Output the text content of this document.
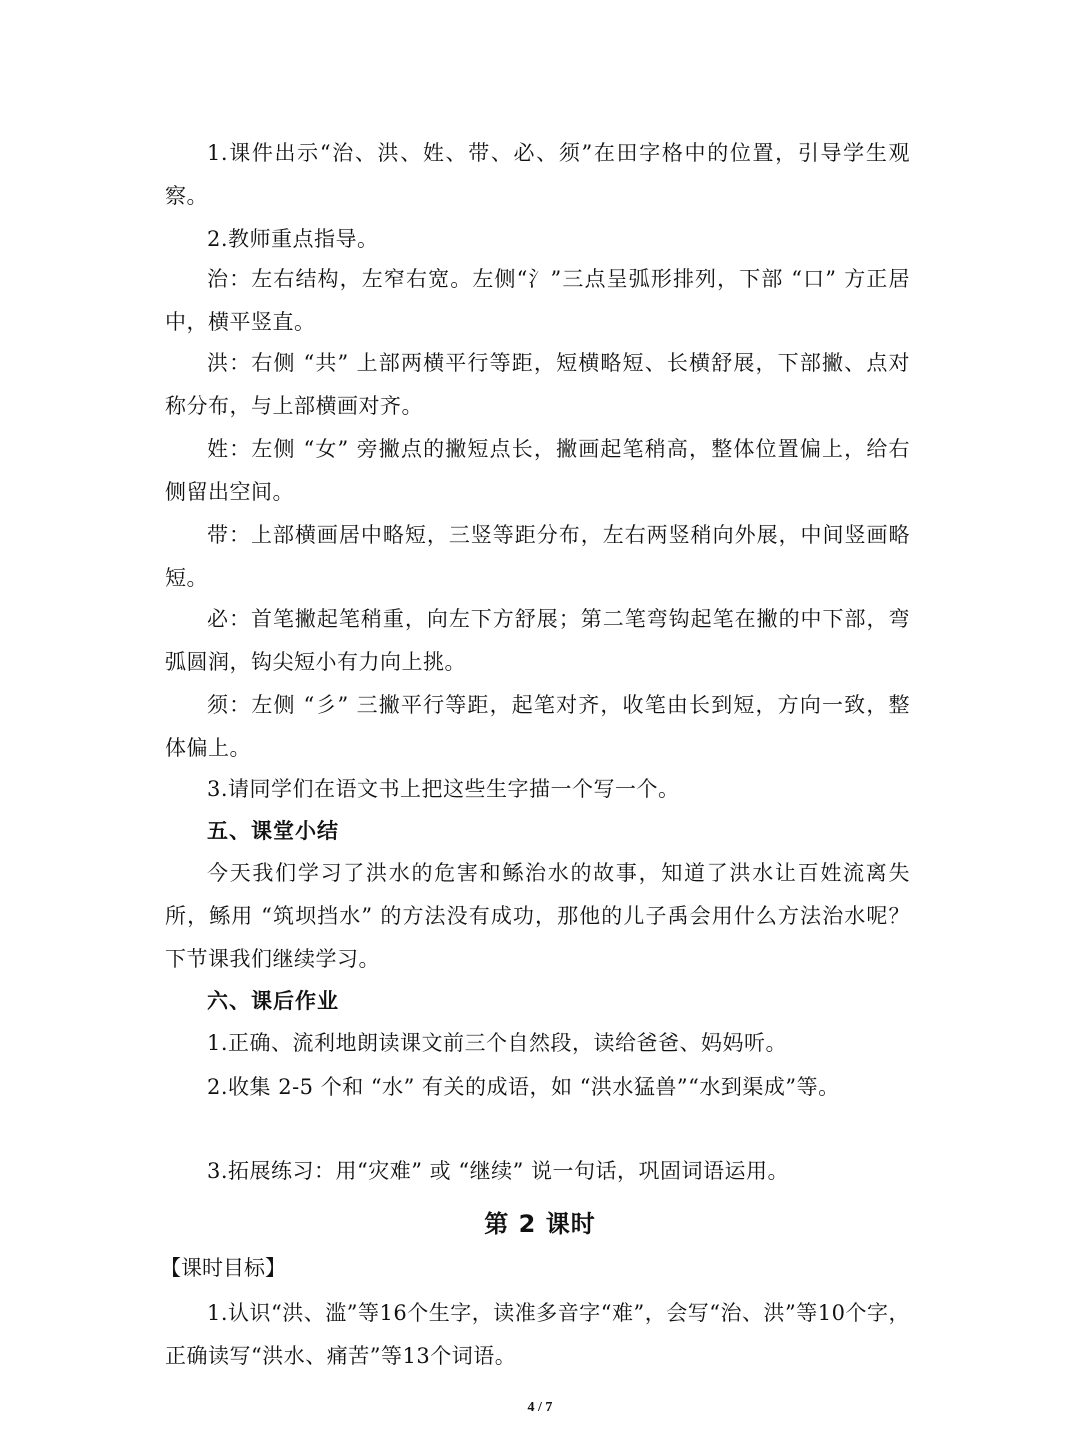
1.课件出示“治、洪、姓、带、必、须”在田字格中的位置，引导学生观察。

2.教师重点指导。

治：左右结构，左窄右宽。左侧“氵”三点呈弧形排列，下部 “口” 方正居中，横平竖直。

洪：右侧 “共” 上部两横平行等距，短横略短、长横舒展，下部撇、点对称分布，与上部横画对齐。

姓：左侧 “女” 旁撇点的撇短点长，撇画起笔稍高，整体位置偏上，给右侧留出空间。

带：上部横画居中略短，三竖等距分布，左右两竖稍向外展，中间竖画略短。

必：首笔撇起笔稍重，向左下方舒展；第二笔弯钩起笔在撇的中下部，弯弧圆润，钩尖短小有力向上挑。

须：左侧 “彡” 三撇平行等距，起笔对齐，收笔由长到短，方向一致，整体偏上。

3.请同学们在语文书上把这些生字描一个写一个。

五、课堂小结

今天我们学习了洪水的危害和鲧治水的故事，知道了洪水让百姓流离失所，鲧用 “筑坝挡水” 的方法没有成功，那他的儿子禹会用什么方法治水呢？下节课我们继续学习。

六、课后作业

1.正确、流利地朗读课文前三个自然段，读给爸爸、妈妈听。

2.收集 2-5 个和 “水” 有关的成语，如 “洪水猛兽”“水到渠成”等。

3.拓展练习：用“灾难” 或 “继续” 说一句话，巩固词语运用。

第 2 课时
【课时目标】

1.认识“洪、滥”等16个生字，读准多音字“难”，会写“治、洪”等10个字，正确读写“洪水、痛苦”等13个词语。

4 / 7
